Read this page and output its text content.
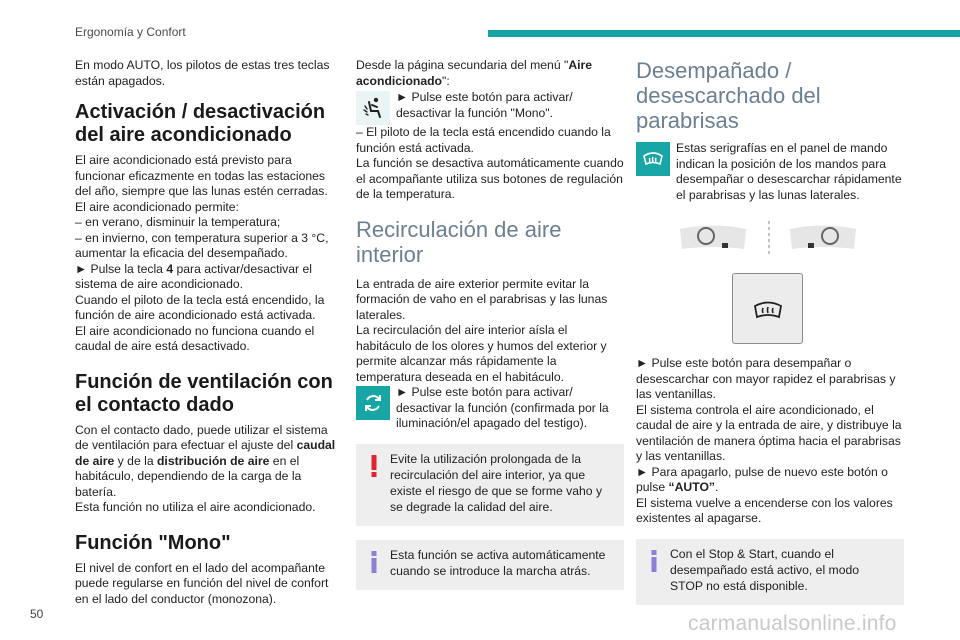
Ergonomía y Confort

En modo AUTO, los pilotos de estas tres teclas están apagados.

Activación / desactivación del aire acondicionado

El aire acondicionado está previsto para funcionar eficazmente en todas las estaciones del año, siempre que las lunas estén cerradas.
El aire acondicionado permite:
– en verano, disminuir la temperatura;
– en invierno, con temperatura superior a 3 °C, aumentar la eficacia del desempañado.
► Pulse la tecla 4 para activar/desactivar el sistema de aire acondicionado.
Cuando el piloto de la tecla está encendido, la función de aire acondicionado está activada.
El aire acondicionado no funciona cuando el caudal de aire está desactivado.

Función de ventilación con el contacto dado

Con el contacto dado, puede utilizar el sistema de ventilación para efectuar el ajuste del caudal de aire y de la distribución de aire en el habitáculo, dependiendo de la carga de la batería.
Esta función no utiliza el aire acondicionado.

Función "Mono"

El nivel de confort en el lado del acompañante puede regularse en función del nivel de confort en el lado del conductor (monozona).

Desde la página secundaria del menú "Aire acondicionado":

► Pulse este botón para activar/ desactivar la función "Mono".

– El piloto de la tecla está encendido cuando la función está activada.

La función se desactiva automáticamente cuando el acompañante utiliza sus botones de regulación de la temperatura.

Recirculación de aire interior

La entrada de aire exterior permite evitar la formación de vaho en el parabrisas y las lunas laterales.

La recirculación del aire interior aísla el habitáculo de los olores y humos del exterior y permite alcanzar más rápidamente la temperatura deseada en el habitáculo.

► Pulse este botón para activar/ desactivar la función (confirmada por la iluminación/el apagado del testigo).

Evite la utilización prolongada de la recirculación del aire interior, ya que existe el riesgo de que se forme vaho y se degrade la calidad del aire.

Esta función se activa automáticamente cuando se introduce la marcha atrás.

Desempañado / desescarchado del parabrisas

Estas serigrafías en el panel de mando indican la posición de los mandos para desempañar o desescarchar rápidamente el parabrisas y las lunas laterales.

► Pulse este botón para desempañar o desescarchar con mayor rapidez el parabrisas y las ventanillas.

El sistema controla el aire acondicionado, el caudal de aire y la entrada de aire, y distribuye la ventilación de manera óptima hacia el parabrisas y las ventanillas.

► Para apagarlo, pulse de nuevo este botón o pulse “AUTO”.

El sistema vuelve a encenderse con los valores existentes al apagarse.

Con el Stop & Start, cuando el desempañado está activo, el modo STOP no está disponible.

50	carmanualsonline.info
